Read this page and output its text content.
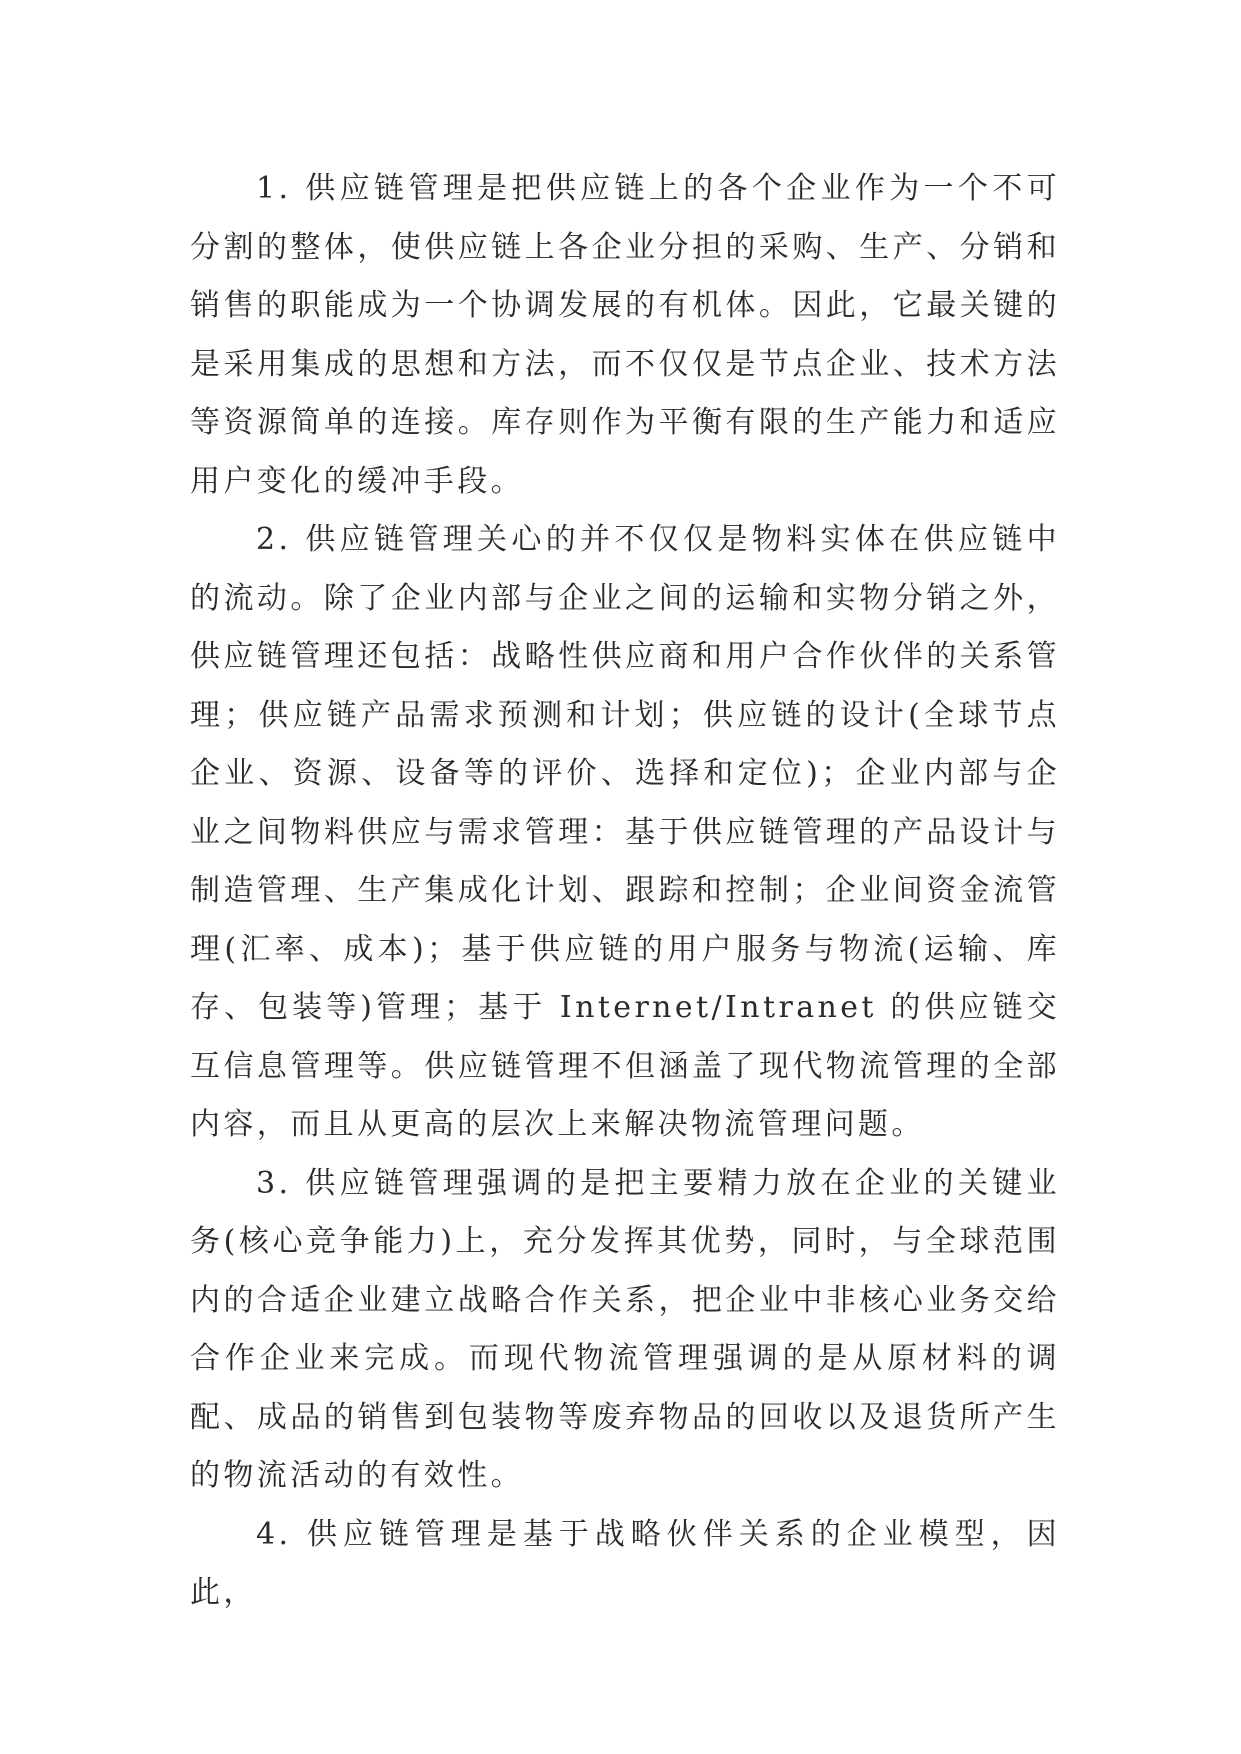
1. 供应链管理是把供应链上的各个企业作为一个不可分割的整体，使供应链上各企业分担的采购、生产、分销和销售的职能成为一个协调发展的有机体。因此，它最关键的是采用集成的思想和方法，而不仅仅是节点企业、技术方法等资源简单的连接。库存则作为平衡有限的生产能力和适应用户变化的缓冲手段。

2. 供应链管理关心的并不仅仅是物料实体在供应链中的流动。除了企业内部与企业之间的运输和实物分销之外，供应链管理还包括：战略性供应商和用户合作伙伴的关系管理；供应链产品需求预测和计划；供应链的设计(全球节点企业、资源、设备等的评价、选择和定位)；企业内部与企业之间物料供应与需求管理：基于供应链管理的产品设计与制造管理、生产集成化计划、跟踪和控制；企业间资金流管理(汇率、成本)；基于供应链的用户服务与物流(运输、库存、包装等)管理；基于 Internet/Intranet 的供应链交互信息管理等。供应链管理不但涵盖了现代物流管理的全部内容，而且从更高的层次上来解决物流管理问题。

3. 供应链管理强调的是把主要精力放在企业的关键业务(核心竞争能力)上，充分发挥其优势，同时，与全球范围内的合适企业建立战略合作关系，把企业中非核心业务交给合作企业来完成。而现代物流管理强调的是从原材料的调配、成品的销售到包装物等废弃物品的回收以及退货所产生的物流活动的有效性。

4. 供应链管理是基于战略伙伴关系的企业模型，因此，
